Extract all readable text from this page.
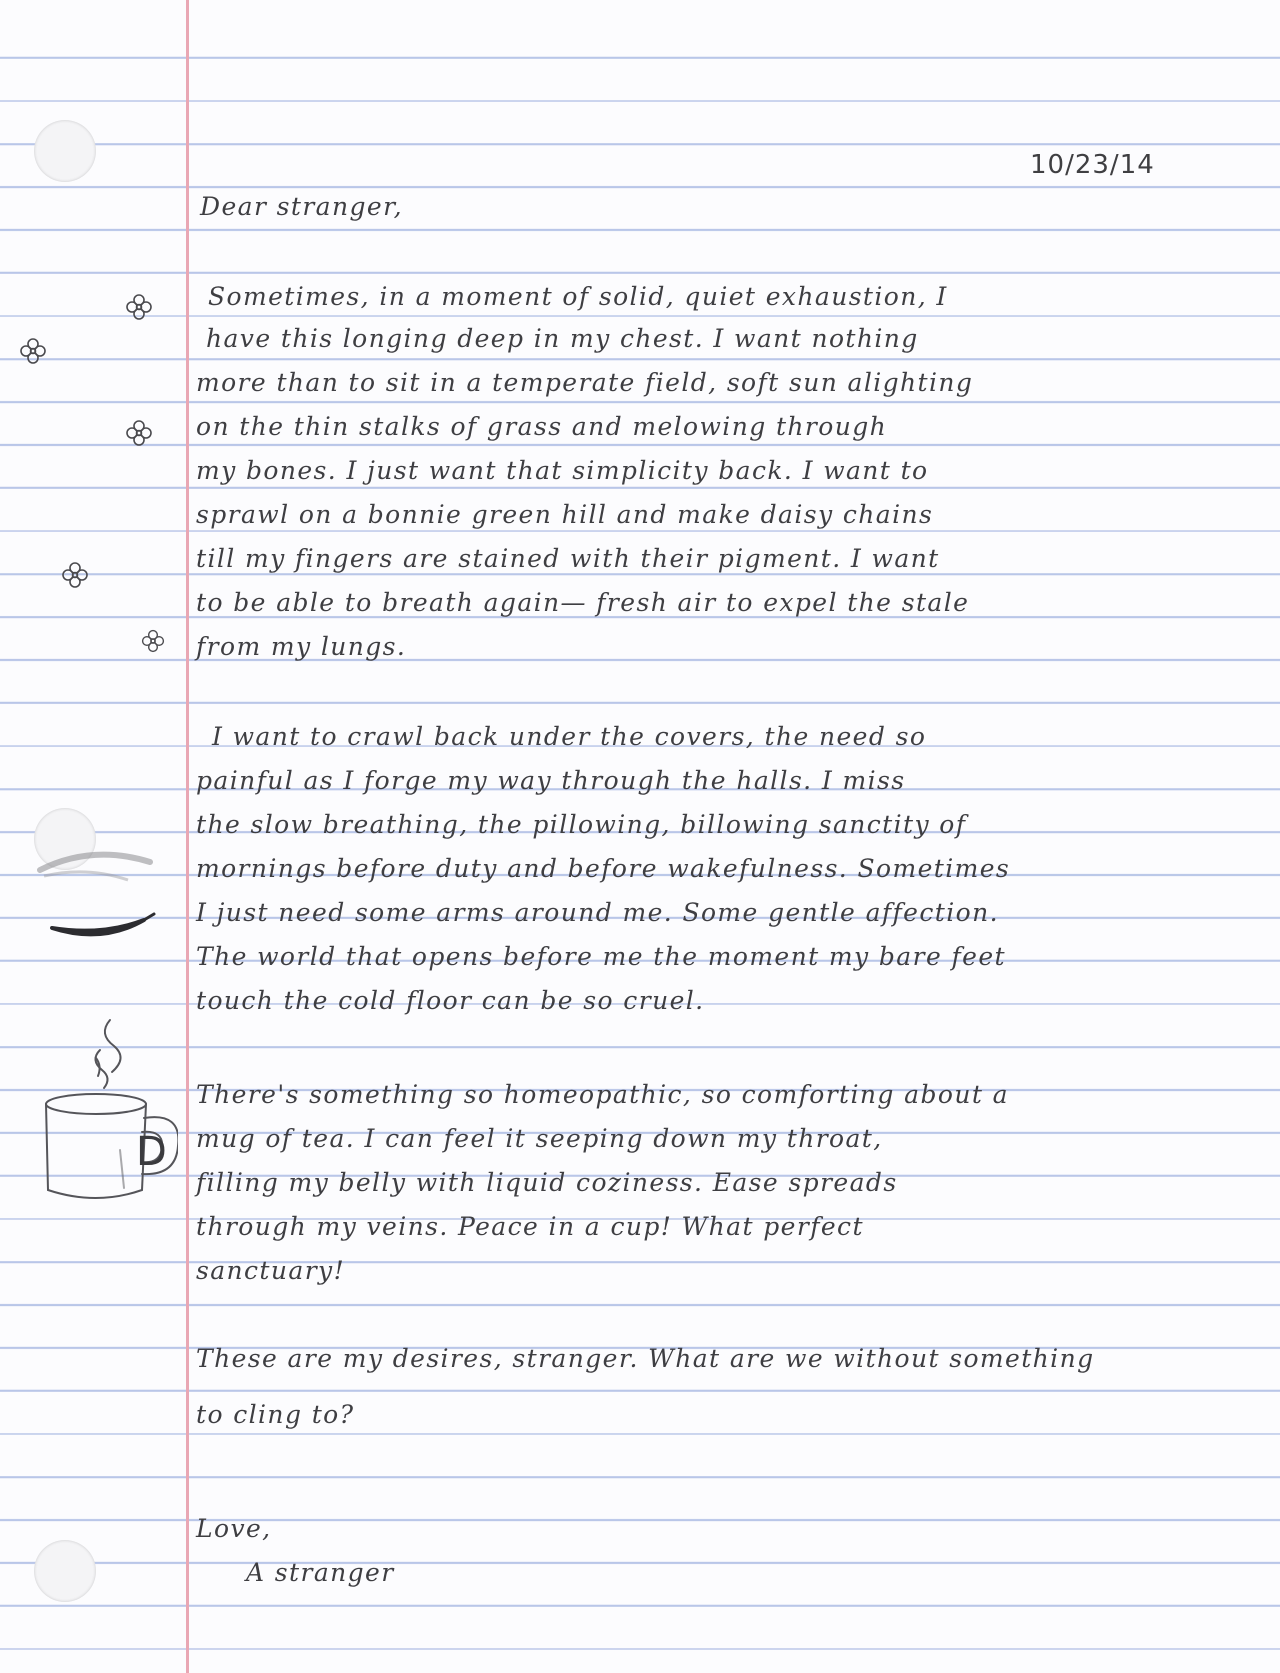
10/23/14
Dear stranger,
Sometimes, in a moment of solid, quiet exhaustion, I
have this longing deep in my chest. I want nothing
more than to sit in a temperate field, soft sun alighting
on the thin stalks of grass and melowing through
my bones. I just want that simplicity back. I want to
sprawl on a bonnie green hill and make daisy chains
till my fingers are stained with their pigment. I want
to be able to breath again— fresh air to expel the stale
from my lungs.
I want to crawl back under the covers, the need so
painful as I forge my way through the halls. I miss
the slow breathing, the pillowing, billowing sanctity of
mornings before duty and before wakefulness. Sometimes
I just need some arms around me. Some gentle affection.
The world that opens before me the moment my bare feet
touch the cold floor can be so cruel.
There's something so homeopathic, so comforting about a
mug of tea. I can feel it seeping down my throat,
filling my belly with liquid coziness. Ease spreads
through my veins. Peace in a cup! What perfect
sanctuary!
These are my desires, stranger. What are we without something
to cling to?
Love,
A stranger
D
